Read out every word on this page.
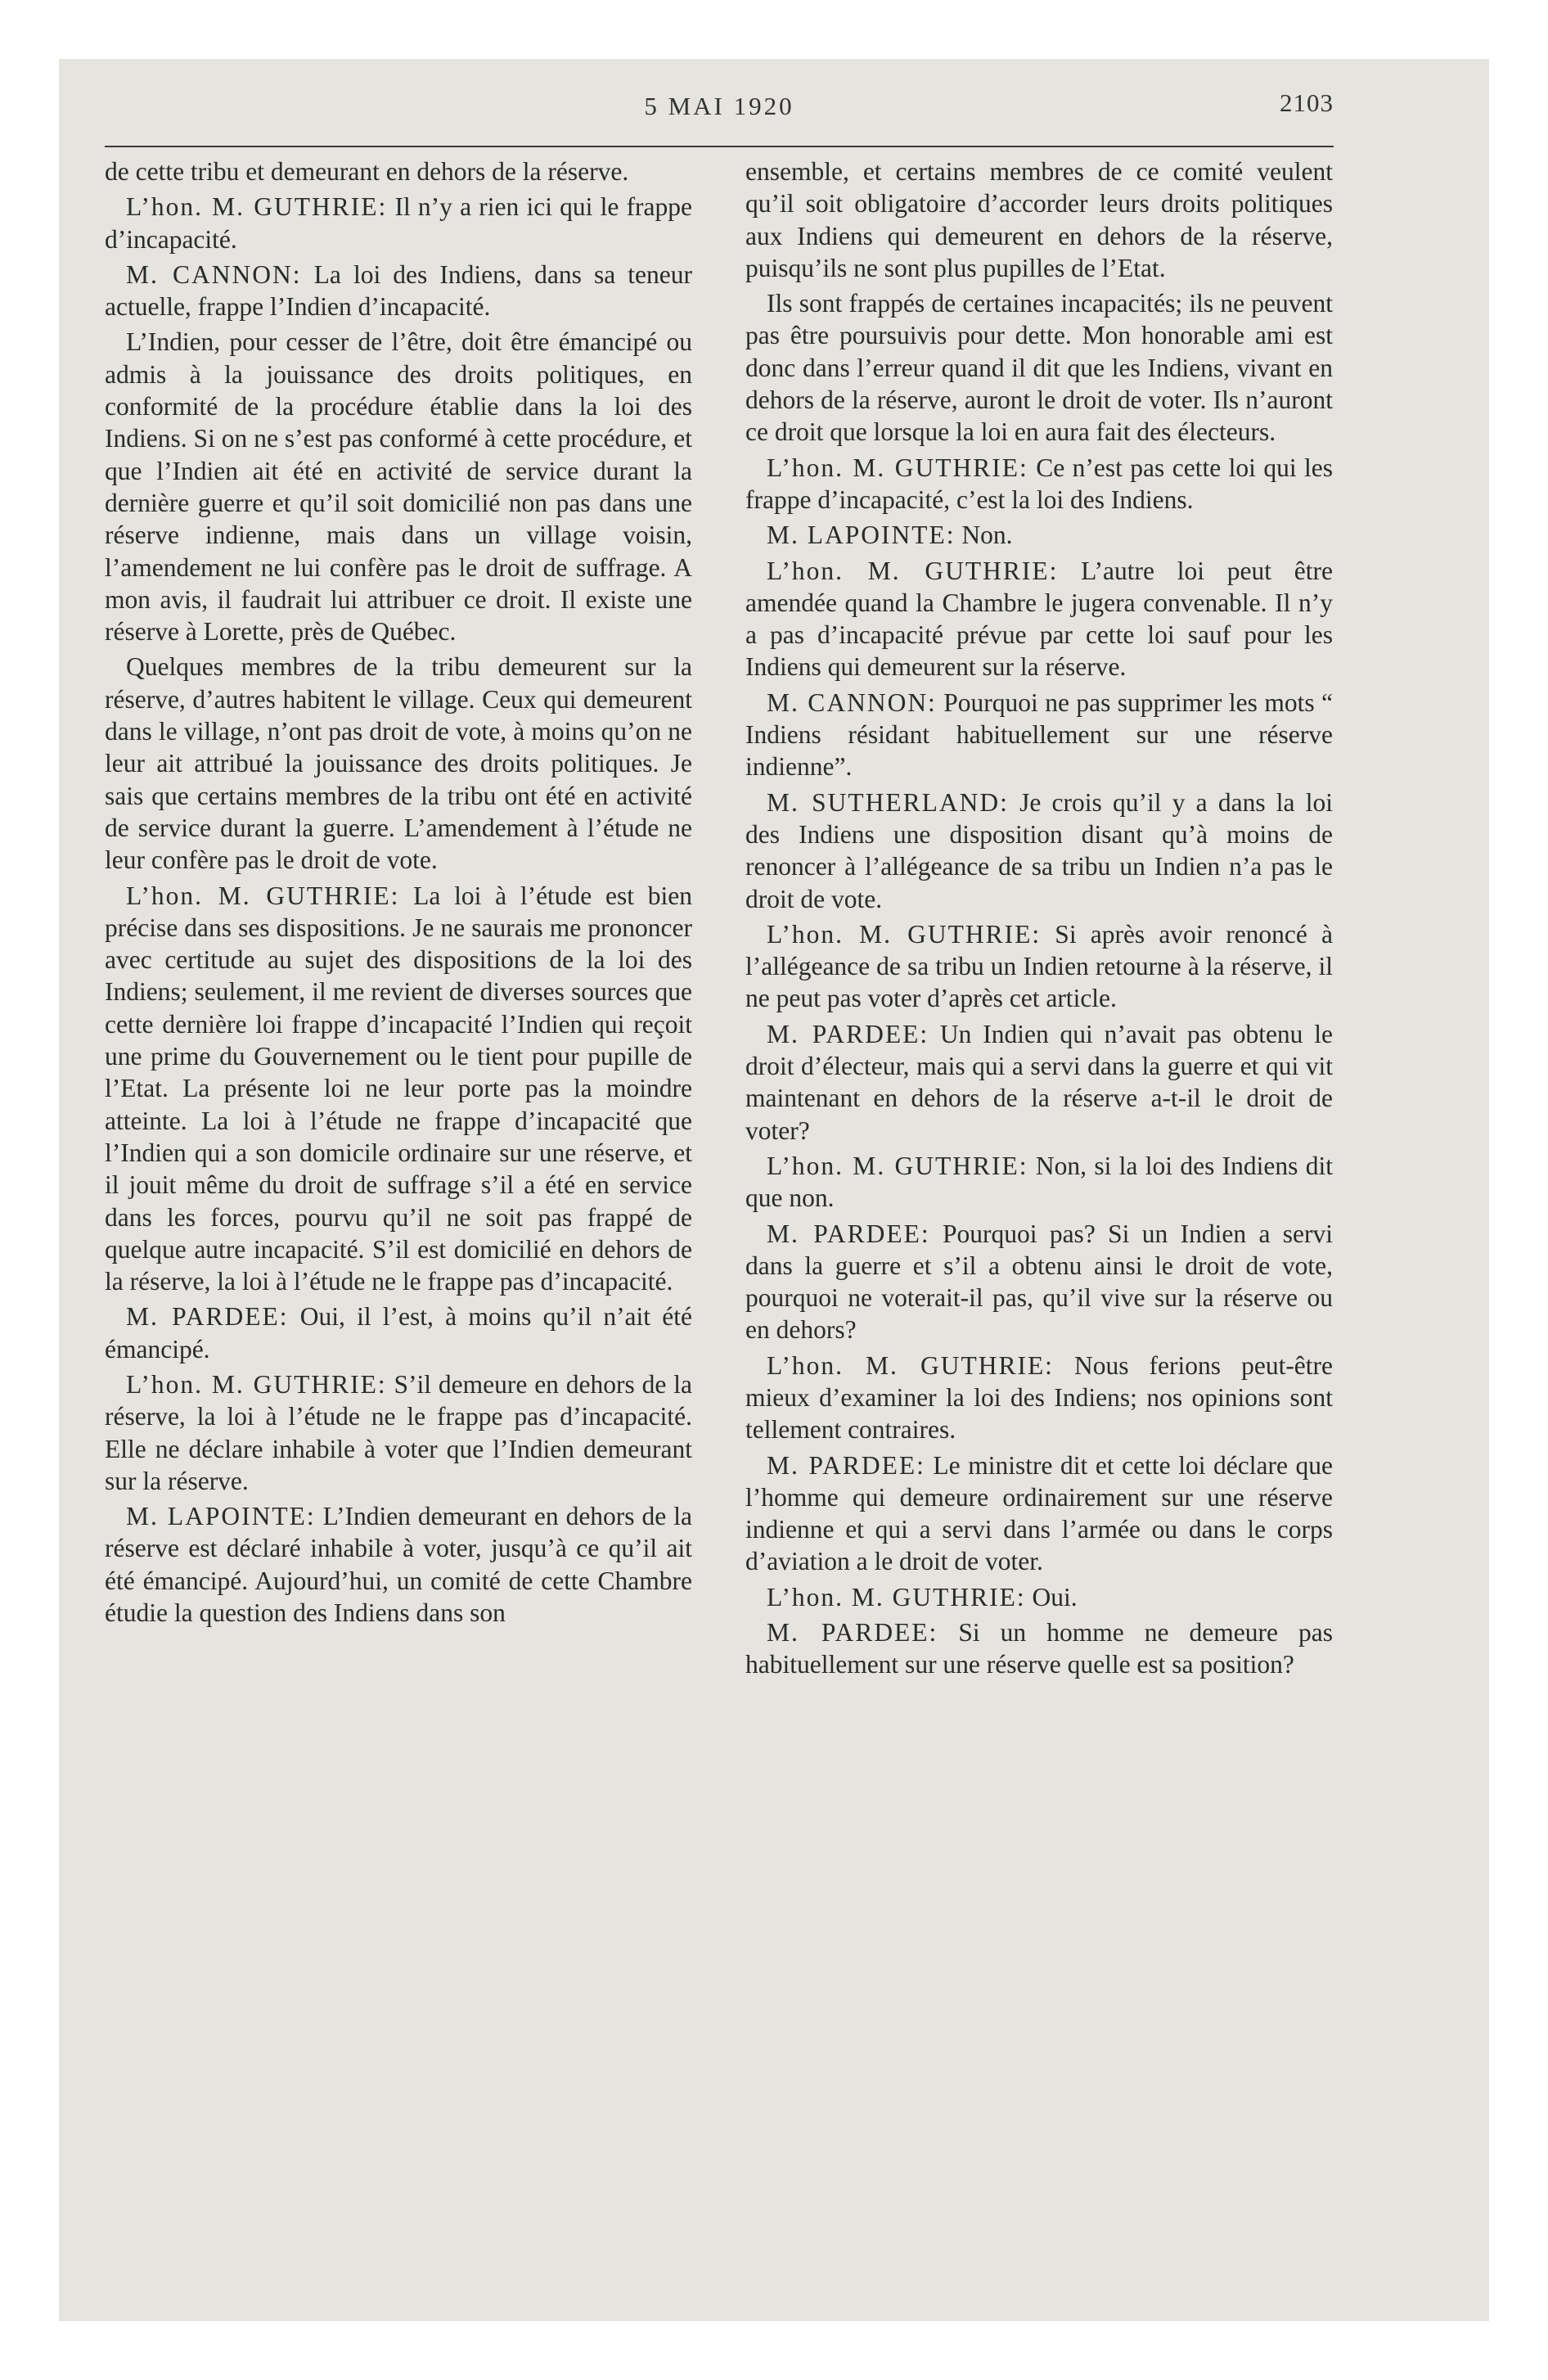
5 MAI 1920	2103

de cette tribu et demeurant en dehors de la réserve.

L’hon. M. GUTHRIE: Il n’y a rien ici qui le frappe d’incapacité.

M. CANNON: La loi des Indiens, dans sa teneur actuelle, frappe l’Indien d’incapacité.

L’Indien, pour cesser de l’être, doit être émancipé ou admis à la jouissance des droits politiques, en conformité de la procédure établie dans la loi des Indiens. Si on ne s’est pas conformé à cette procédure, et que l’Indien ait été en activité de service durant la dernière guerre et qu’il soit domicilié non pas dans une réserve indienne, mais dans un village voisin, l’amendement ne lui confère pas le droit de suffrage. A mon avis, il faudrait lui attribuer ce droit. Il existe une réserve à Lorette, près de Québec.

Quelques membres de la tribu demeurent sur la réserve, d’autres habitent le village. Ceux qui demeurent dans le village, n’ont pas droit de vote, à moins qu’on ne leur ait attribué la jouissance des droits politiques. Je sais que certains membres de la tribu ont été en activité de service durant la guerre. L’amendement à l’étude ne leur confère pas le droit de vote.

L’hon. M. GUTHRIE: La loi à l’étude est bien précise dans ses dispositions. Je ne saurais me prononcer avec certitude au sujet des dispositions de la loi des Indiens; seulement, il me revient de diverses sources que cette dernière loi frappe d’incapacité l’Indien qui reçoit une prime du Gouvernement ou le tient pour pupille de l’Etat. La présente loi ne leur porte pas la moindre atteinte. La loi à l’étude ne frappe d’incapacité que l’Indien qui a son domicile ordinaire sur une réserve, et il jouit même du droit de suffrage s’il a été en service dans les forces, pourvu qu’il ne soit pas frappé de quelque autre incapacité. S’il est domicilié en dehors de la réserve, la loi à l’étude ne le frappe pas d’incapacité.

M. PARDEE: Oui, il l’est, à moins qu’il n’ait été émancipé.

L’hon. M. GUTHRIE: S’il demeure en dehors de la réserve, la loi à l’étude ne le frappe pas d’incapacité. Elle ne déclare inhabile à voter que l’Indien demeurant sur la réserve.

M. LAPOINTE: L’Indien demeurant en dehors de la réserve est déclaré inhabile à voter, jusqu’à ce qu’il ait été émancipé. Aujourd’hui, un comité de cette Chambre étudie la question des Indiens dans son

ensemble, et certains membres de ce comité veulent qu’il soit obligatoire d’accorder leurs droits politiques aux Indiens qui demeurent en dehors de la réserve, puisqu’ils ne sont plus pupilles de l’Etat.

Ils sont frappés de certaines incapacités; ils ne peuvent pas être poursuivis pour dette. Mon honorable ami est donc dans l’erreur quand il dit que les Indiens, vivant en dehors de la réserve, auront le droit de voter. Ils n’auront ce droit que lorsque la loi en aura fait des électeurs.

L’hon. M. GUTHRIE: Ce n’est pas cette loi qui les frappe d’incapacité, c’est la loi des Indiens.

M. LAPOINTE: Non.

L’hon. M. GUTHRIE: L’autre loi peut être amendée quand la Chambre le jugera convenable. Il n’y a pas d’incapacité prévue par cette loi sauf pour les Indiens qui demeurent sur la réserve.

M. CANNON: Pourquoi ne pas supprimer les mots “ Indiens résidant habituellement sur une réserve indienne”.

M. SUTHERLAND: Je crois qu’il y a dans la loi des Indiens une disposition disant qu’à moins de renoncer à l’allégeance de sa tribu un Indien n’a pas le droit de vote.

L’hon. M. GUTHRIE: Si après avoir renoncé à l’allégeance de sa tribu un Indien retourne à la réserve, il ne peut pas voter d’après cet article.

M. PARDEE: Un Indien qui n’avait pas obtenu le droit d’électeur, mais qui a servi dans la guerre et qui vit maintenant en dehors de la réserve a-t-il le droit de voter?

L’hon. M. GUTHRIE: Non, si la loi des Indiens dit que non.

M. PARDEE: Pourquoi pas? Si un Indien a servi dans la guerre et s’il a obtenu ainsi le droit de vote, pourquoi ne voterait-il pas, qu’il vive sur la réserve ou en dehors?

L’hon. M. GUTHRIE: Nous ferions peut-être mieux d’examiner la loi des Indiens; nos opinions sont tellement contraires.

M. PARDEE: Le ministre dit et cette loi déclare que l’homme qui demeure ordinairement sur une réserve indienne et qui a servi dans l’armée ou dans le corps d’aviation a le droit de voter.

L’hon. M. GUTHRIE: Oui.

M. PARDEE: Si un homme ne demeure pas habituellement sur une réserve quelle est sa position?
